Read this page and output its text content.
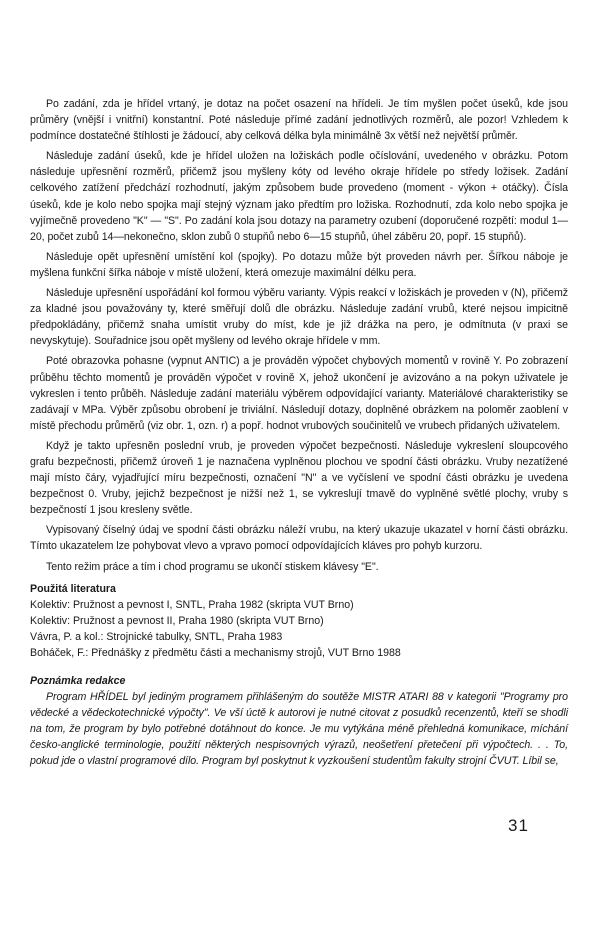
Po zadání, zda je hřídel vrtaný, je dotaz na počet osazení na hřídeli. Je tím myšlen počet úseků, kde jsou průměry (vnější i vnitřní) konstantní. Poté následuje přímé zadání jednotlivých rozměrů, ale pozor! Vzhledem k podmínce dostatečné štíhlosti je žádoucí, aby celková délka byla minimálně 3x větší než největší průměr.

Následuje zadání úseků, kde je hřídel uložen na ložiskách podle očíslování, uvedeného v obrázku. Potom následuje upřesnění rozměrů, přičemž jsou myšleny kóty od levého okraje hřídele po středy ložisek. Zadání celkového zatížení předchází rozhodnutí, jakým způsobem bude provedeno (moment - výkon + otáčky). Čísla úseků, kde je kolo nebo spojka mají stejný význam jako předtím pro ložiska. Rozhodnutí, zda kolo nebo spojka je vyjímečně provedeno "K" — "S". Po zadání kola jsou dotazy na parametry ozubení (doporučené rozpětí: modul 1—20, počet zubů 14—nekonečno, sklon zubů 0 stupňů nebo 6—15 stupňů, úhel záběru 20, popř. 15 stupňů).

Následuje opět upřesnění umístění kol (spojky). Po dotazu může být proveden návrh per. Šířkou náboje je myšlena funkční šířka náboje v místě uložení, která omezuje maximální délku pera.

Následuje upřesnění uspořádání kol formou výběru varianty. Výpis reakcí v ložiskách je proveden v (N), přičemž za kladné jsou považovány ty, které směřují dolů dle obrázku. Následuje zadání vrubů, které nejsou impicitně předpokládány, přičemž snaha umístit vruby do míst, kde je již drážka na pero, je odmítnuta (v praxi se nevyskytuje). Souřadnice jsou opět myšleny od levého okraje hřídele v mm.

Poté obrazovka pohasne (vypnut ANTIC) a je prováděn výpočet chybových momentů v rovině Y. Po zobrazení průběhu těchto momentů je prováděn výpočet v rovině X, jehož ukončení je avizováno a na pokyn uživatele je vykreslen i tento průběh. Následuje zadání materiálu výběrem odpovídající varianty. Materiálové charakteristiky se zadávají v MPa. Výběr způsobu obrobení je triviální. Následují dotazy, doplněné obrázkem na poloměr zaoblení v místě přechodu průměrů (viz obr. 1, ozn. r) a popř. hodnot vrubových součinitelů ve vrubech přidaných uživatelem.

Když je takto upřesněn poslední vrub, je proveden výpočet bezpečnosti. Následuje vykreslení sloupcového grafu bezpečnosti, přičemž úroveň 1 je naznačena vyplněnou plochou ve spodní části obrázku. Vruby nezatížené mají místo čáry, vyjadřující míru bezpečnosti, označení "N" a ve vyčíslení ve spodní části obrázku je uvedena bezpečnost 0. Vruby, jejichž bezpečnost je nižší než 1, se vykreslují tmavě do vyplněné světlé plochy, vruby s bezpečností 1 jsou kresleny světle.

Vypisovaný číselný údaj ve spodní části obrázku náleží vrubu, na který ukazuje ukazatel v horní části obrázku. Tímto ukazatelem lze pohybovat vlevo a vpravo pomocí odpovídajících kláves pro pohyb kurzoru.

Tento režim práce a tím i chod programu se ukončí stiskem klávesy "E".

Použitá literatura

Kolektiv: Pružnost a pevnost I, SNTL, Praha 1982 (skripta VUT Brno)

Kolektiv: Pružnost a pevnost II, Praha 1980 (skripta VUT Brno)

Vávra, P. a kol.: Strojnické tabulky, SNTL, Praha 1983

Boháček, F.: Přednášky z předmětu části a mechanismy strojů, VUT Brno 1988

Poznámka redakce

Program HŘÍDEL byl jediným programem přihlášeným do soutěže MISTR ATARI 88 v kategorii "Programy pro vědecké a vědeckotechnické výpočty". Ve vší úctě k autorovi je nutné citovat z posudků recenzentů, kteří se shodli na tom, že program by bylo potřebné dotáhnout do konce. Je mu vytýkána méně přehledná komunikace, míchání česko-anglické terminologie, použití některých nespisovných výrazů, neošetření přetečení při výpočtech. . . To, pokud jde o vlastní programové dílo. Program byl poskytnut k vyzkoušení studentům fakulty strojní ČVUT. Líbil se,

31
